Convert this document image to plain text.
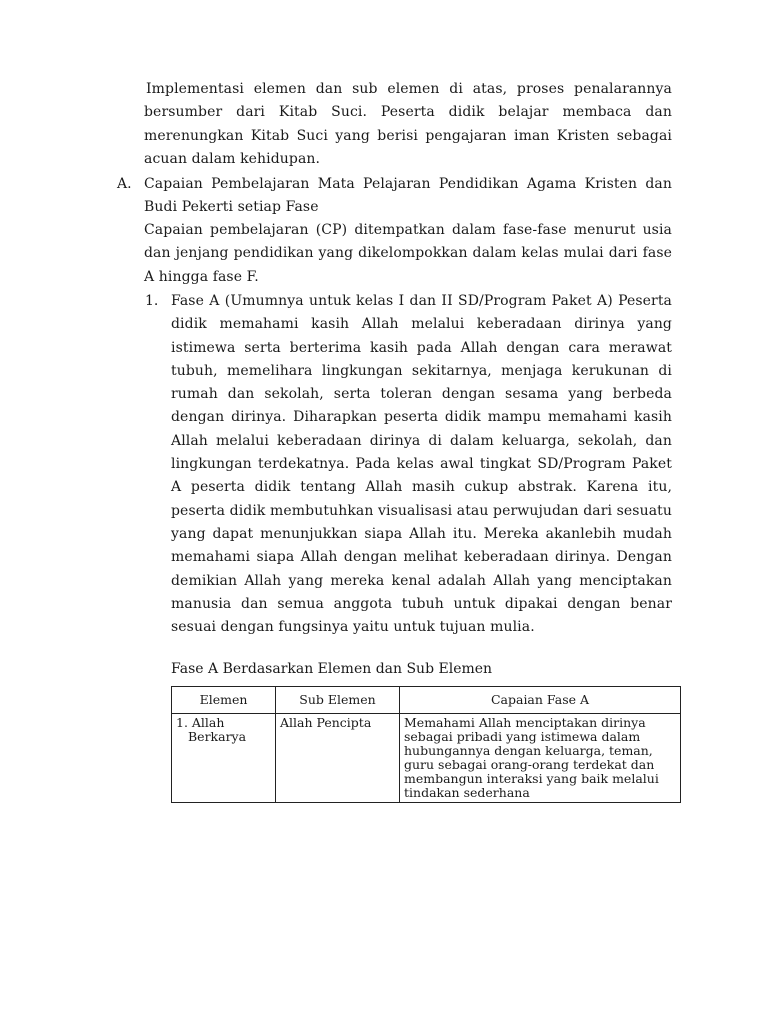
Implementasi elemen dan sub elemen di atas, proses penalarannya bersumber dari Kitab Suci. Peserta didik belajar membaca dan merenungkan Kitab Suci yang berisi pengajaran iman Kristen sebagai acuan dalam kehidupan.
A. Capaian Pembelajaran Mata Pelajaran Pendidikan Agama Kristen dan Budi Pekerti setiap Fase
Capaian pembelajaran (CP) ditempatkan dalam fase-fase menurut usia dan jenjang pendidikan yang dikelompokkan dalam kelas mulai dari fase A hingga fase F.
1. Fase A (Umumnya untuk kelas I dan II SD/Program Paket A) Peserta didik memahami kasih Allah melalui keberadaan dirinya yang istimewa serta berterima kasih pada Allah dengan cara merawat tubuh, memelihara lingkungan sekitarnya, menjaga kerukunan di rumah dan sekolah, serta toleran dengan sesama yang berbeda dengan dirinya. Diharapkan peserta didik mampu memahami kasih Allah melalui keberadaan dirinya di dalam keluarga, sekolah, dan lingkungan terdekatnya. Pada kelas awal tingkat SD/Program Paket A peserta didik tentang Allah masih cukup abstrak. Karena itu, peserta didik membutuhkan visualisasi atau perwujudan dari sesuatu yang dapat menunjukkan siapa Allah itu. Mereka akanlebih mudah memahami siapa Allah dengan melihat keberadaan dirinya. Dengan demikian Allah yang mereka kenal adalah Allah yang menciptakan manusia dan semua anggota tubuh untuk dipakai dengan benar sesuai dengan fungsinya yaitu untuk tujuan mulia.
Fase A Berdasarkan Elemen dan Sub Elemen
Elemen	Sub Elemen	Capaian Fase A

1. Allah Berkarya	Allah Pencipta	Memahami Allah menciptakan dirinya sebagai pribadi yang istimewa dalam hubungannya dengan keluarga, teman, guru sebagai orang-orang terdekat dan membangun interaksi yang baik melalui tindakan sederhana
